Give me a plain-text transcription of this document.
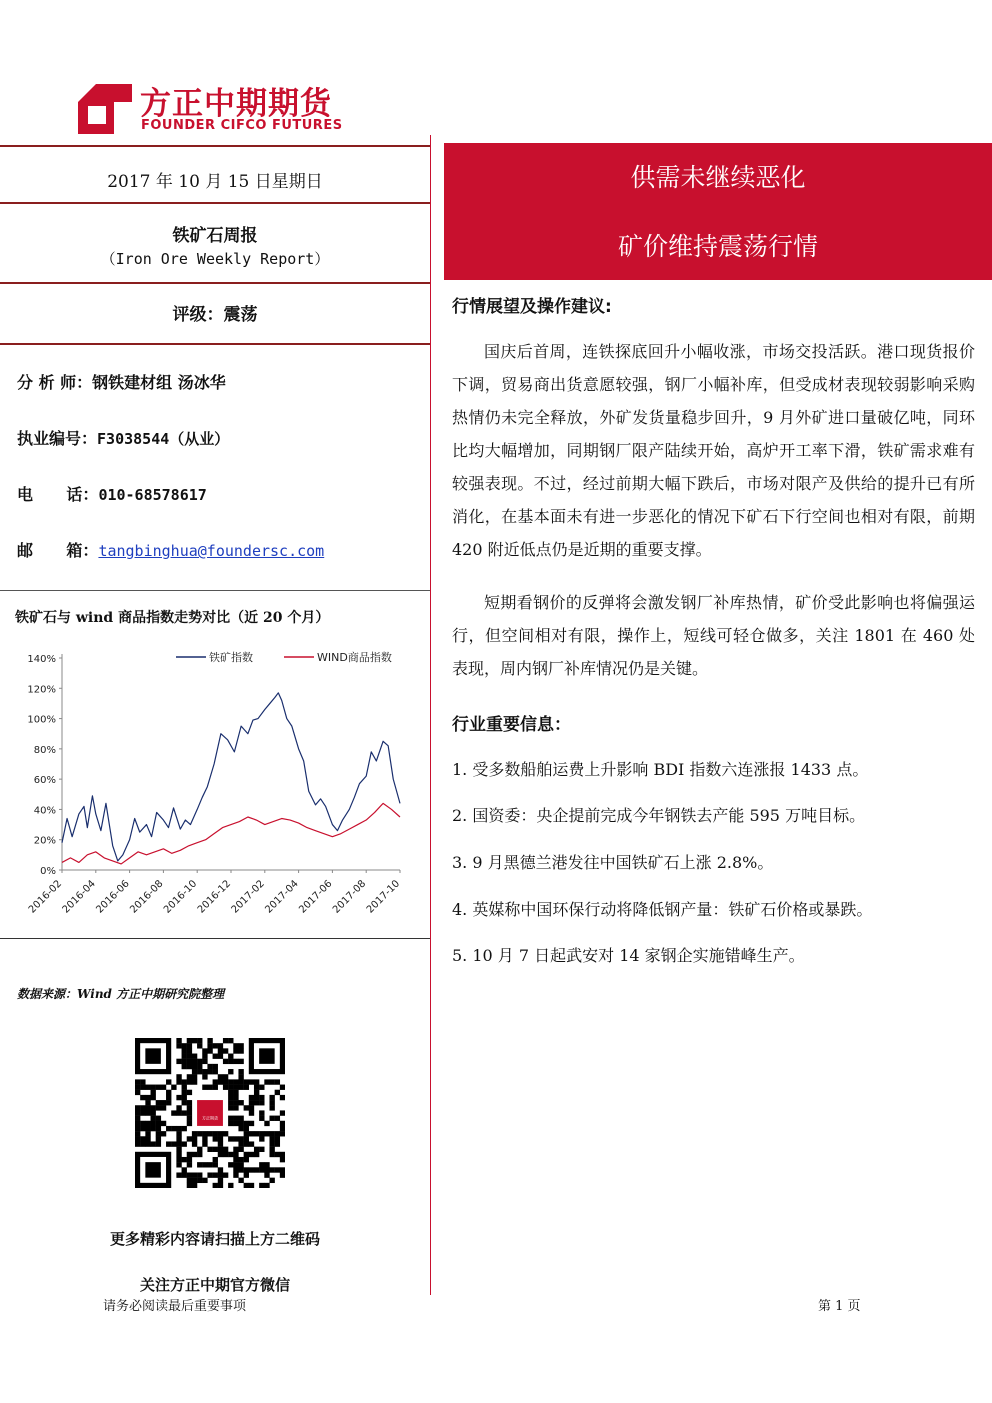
方正中期期货
FOUNDER CIFCO FUTURES
2017 年 10 月 15 日星期日
铁矿石周报
（Iron Ore Weekly Report）
评级：震荡
分 析 师：钢铁建材组 汤冰华
执业编号：F3038544（从业）
电      话：010-68578617
邮      箱：tangbinghua@foundersc.com
铁矿石与 wind 商品指数走势对比（近 20 个月）
0%
20%
40%
60%
80%
100%
120%
140%
2016-02
2016-04
2016-06
2016-08
2016-10
2016-12
2017-02
2017-04
2017-06
2017-08
2017-10
铁矿指数	WIND商品指数
数据来源：Wind 方正中期研究院整理
方正期货
更多精彩内容请扫描上方二维码
关注方正中期官方微信
供需未继续恶化
矿价维持震荡行情
行情展望及操作建议:
国庆后首周，连铁探底回升小幅收涨，市场交投活跃。港口现货报价下调，贸易商出货意愿较强，钢厂小幅补库，但受成材表现较弱影响采购热情仍未完全释放，外矿发货量稳步回升，9 月外矿进口量破亿吨，同环比均大幅增加，同期钢厂限产陆续开始，高炉开工率下滑，铁矿需求难有较强表现。不过，经过前期大幅下跌后，市场对限产及供给的提升已有所消化，在基本面未有进一步恶化的情况下矿石下行空间也相对有限，前期 420 附近低点仍是近期的重要支撑。
短期看钢价的反弹将会激发钢厂补库热情，矿价受此影响也将偏强运行，但空间相对有限，操作上，短线可轻仓做多，关注 1801 在 460 处表现，周内钢厂补库情况仍是关键。
行业重要信息：
1. 受多数船舶运费上升影响 BDI 指数六连涨报 1433 点。
2. 国资委：央企提前完成今年钢铁去产能 595 万吨目标。
3. 9 月黑德兰港发往中国铁矿石上涨 2.8%。
4. 英媒称中国环保行动将降低钢产量：铁矿石价格或暴跌。
5. 10 月 7 日起武安对 14 家钢企实施错峰生产。
请务必阅读最后重要事项	第 1 页
